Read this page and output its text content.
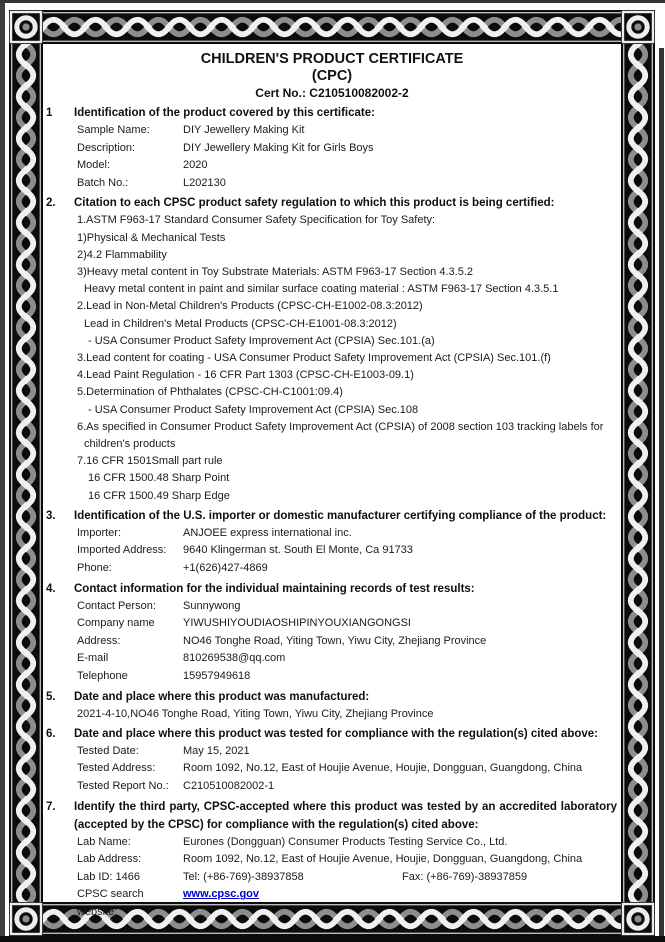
CHILDREN'S PRODUCT CERTIFICATE
(CPC)
Cert No.: C210510082002-2
1	Identification of the product covered by this certificate:
Sample Name:	DIY Jewellery Making Kit
Description:	DIY Jewellery Making Kit for Girls Boys
Model:	2020
Batch No.:	L202130
2.	Citation to each CPSC product safety regulation to which this product is being certified:
1.ASTM F963-17 Standard Consumer Safety Specification for Toy Safety:
1)Physical & Mechanical Tests
2)4.2 Flammability
3)Heavy metal content in Toy Substrate Materials: ASTM F963-17 Section 4.3.5.2
Heavy metal content in paint and similar surface coating material : ASTM F963-17 Section 4.3.5.1
2.Lead in Non-Metal Children's Products (CPSC-CH-E1002-08.3:2012)
Lead in Children's Metal Products (CPSC-CH-E1001-08.3:2012)
- USA Consumer Product Safety Improvement Act (CPSIA) Sec.101.(a)
3.Lead content for coating - USA Consumer Product Safety Improvement Act (CPSIA) Sec.101.(f)
4.Lead Paint Regulation - 16 CFR Part 1303 (CPSC-CH-E1003-09.1)
5.Determination of Phthalates (CPSC-CH-C1001:09.4)
- USA Consumer Product Safety Improvement Act (CPSIA) Sec.108
6.As specified in Consumer Product Safety Improvement Act (CPSIA) of 2008 section 103 tracking labels for children's products
7.16 CFR 1501Small part rule
16 CFR 1500.48 Sharp Point
16 CFR 1500.49 Sharp Edge
3.	Identification of the U.S. importer or domestic manufacturer certifying compliance of the product:
Importer:	ANJOEE express international inc.
Imported Address:	9640 Klingerman st. South El Monte, Ca 91733
Phone:	+1(626)427-4869
4.	Contact information for the individual maintaining records of test results:
Contact Person:	Sunnywong
Company name	YIWUSHIYOUDIAOSHIPINYOUXIANGONGSI
Address:	NO46 Tonghe Road, Yiting Town, Yiwu City, Zhejiang Province
E-mail	810269538@qq.com
Telephone	15957949618
5.	Date and place where this product was manufactured:
2021-4-10,NO46 Tonghe Road, Yiting Town, Yiwu City, Zhejiang Province
6.	Date and place where this product was tested for compliance with the regulation(s) cited above:
Tested Date:	May 15, 2021
Tested Address:	Room 1092, No.12, East of Houjie Avenue, Houjie, Dongguan, Guangdong, China
Tested Report No.:	C210510082002-1
7.	Identify the third party, CPSC-accepted where this product was tested by an accredited laboratory (accepted by the CPSC) for compliance with the regulation(s) cited above:
Lab Name:	Eurones (Dongguan) Consumer Products Testing Service Co., Ltd.
Lab Address:	Room 1092, No.12, East of Houjie Avenue, Houjie, Dongguan, Guangdong, China
Lab ID: 1466	Tel: (+86-769)-38937858	Fax: (+86-769)-38937859
CPSC search website:
www.cpsc.gov
